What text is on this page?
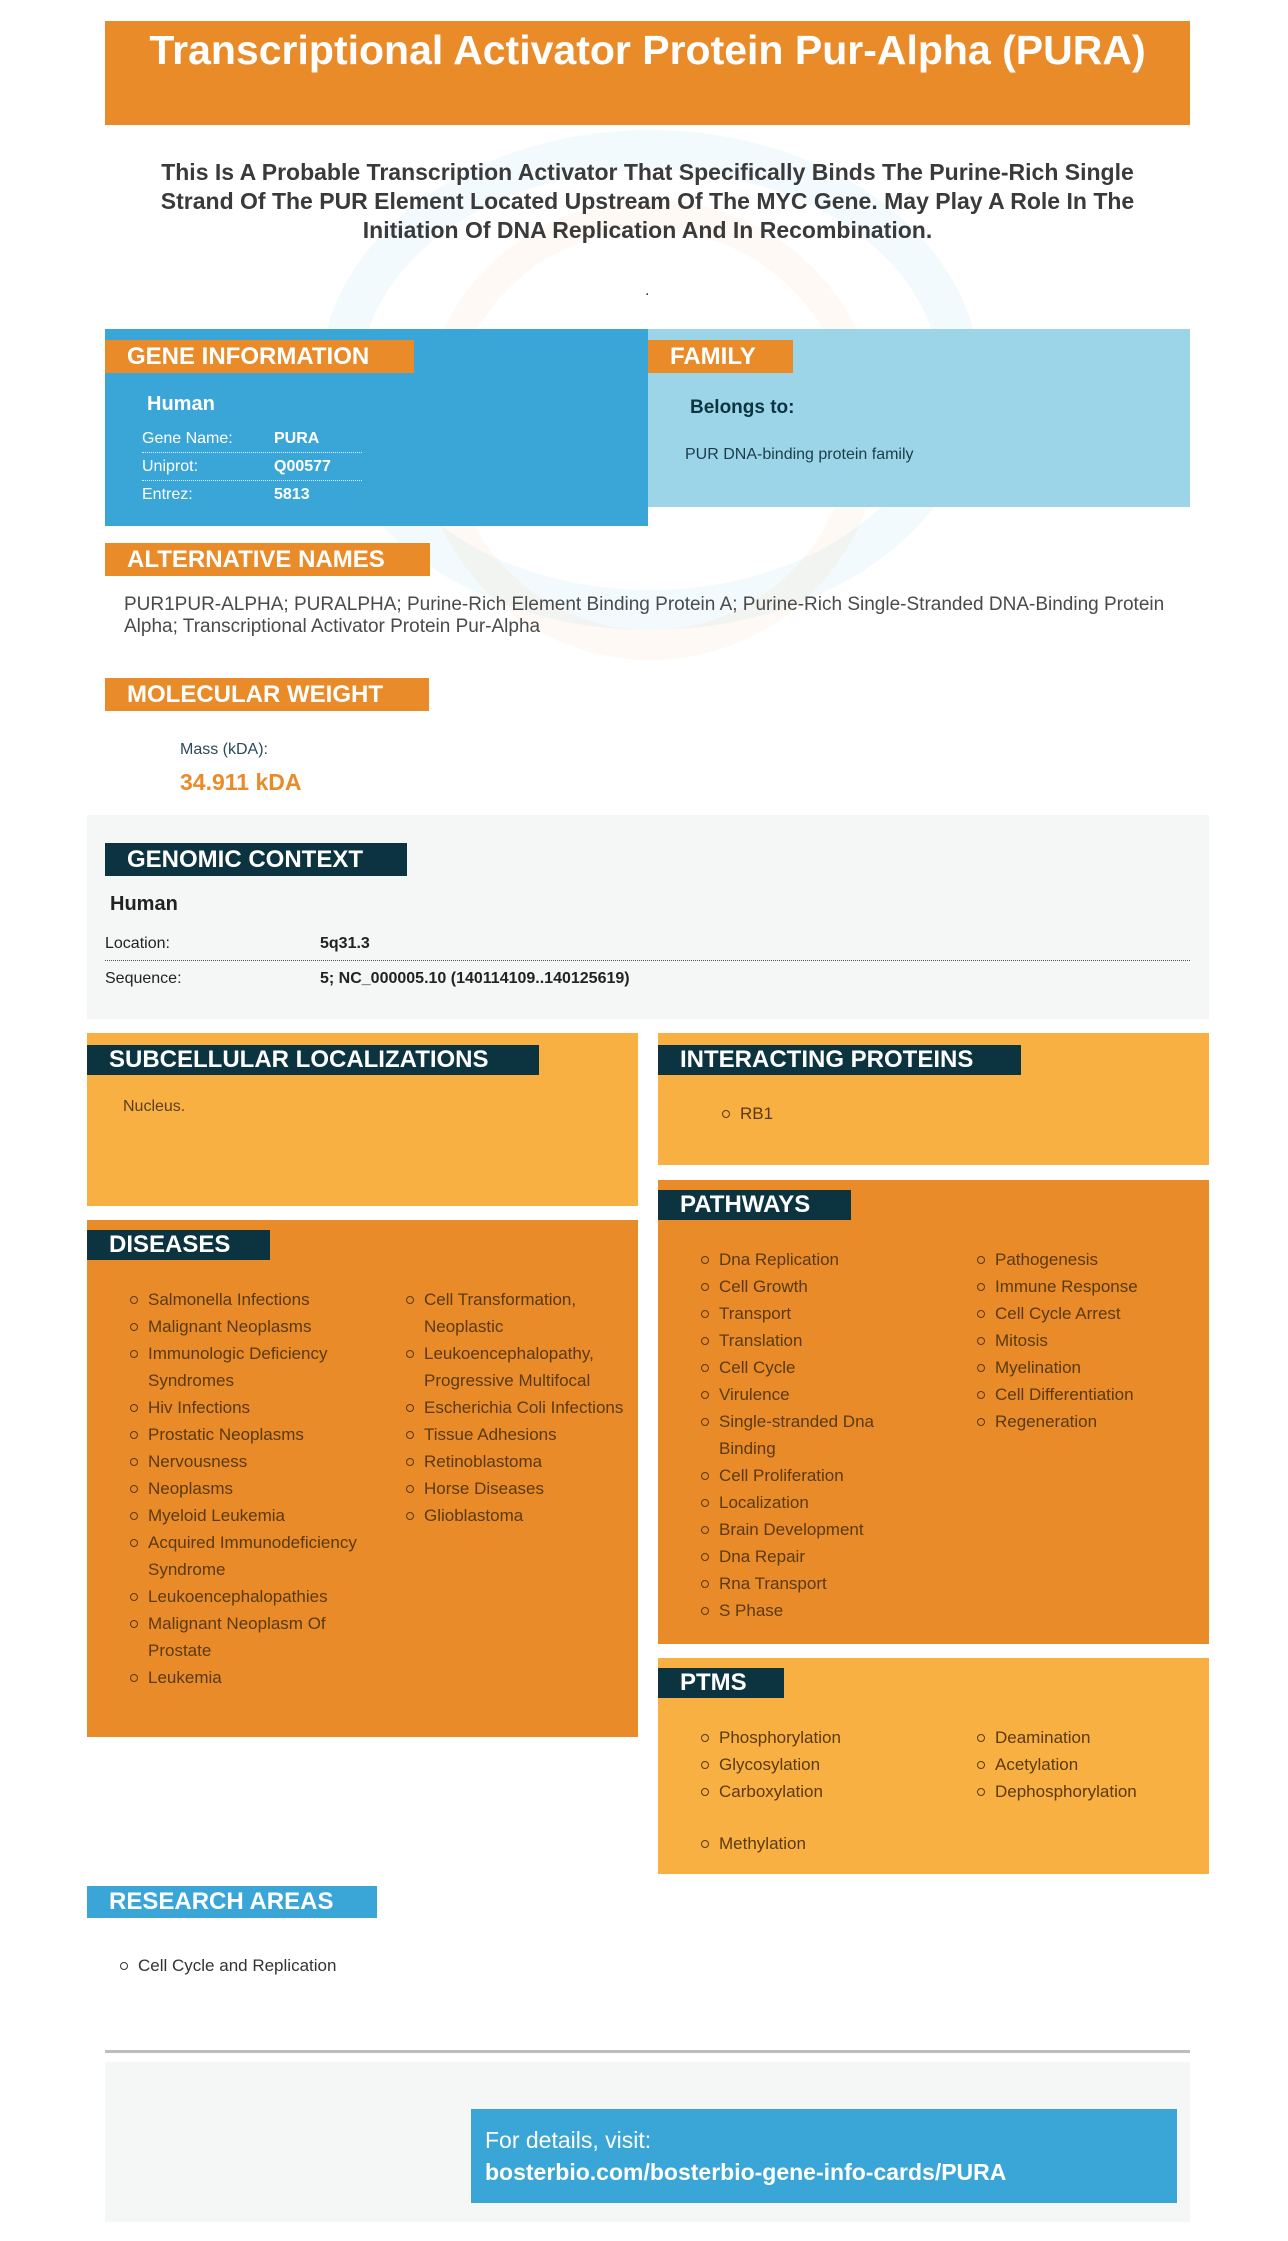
Transcriptional Activator Protein Pur-Alpha (PURA)
This Is A Probable Transcription Activator That Specifically Binds The Purine-Rich Single Strand Of The PUR Element Located Upstream Of The MYC Gene. May Play A Role In The Initiation Of DNA Replication And In Recombination.
.
GENE INFORMATION
Human
Gene Name:	PURA
Uniprot:	Q00577
Entrez:	5813
FAMILY
Belongs to:
PUR DNA-binding protein family
ALTERNATIVE NAMES
PUR1PUR-ALPHA; PURALPHA; Purine-Rich Element Binding Protein A; Purine-Rich Single-Stranded DNA-Binding Protein Alpha; Transcriptional Activator Protein Pur-Alpha
MOLECULAR WEIGHT
Mass (kDA):
34.911 kDA
GENOMIC CONTEXT
Human
Location:	5q31.3
Sequence:	5; NC_000005.10 (140114109..140125619)
SUBCELLULAR LOCALIZATIONS
Nucleus.
INTERACTING PROTEINS
RB1
DISEASES
Salmonella Infections
Malignant Neoplasms
Immunologic Deficiency Syndromes
Hiv Infections
Prostatic Neoplasms
Nervousness
Neoplasms
Myeloid Leukemia
Acquired Immunodeficiency Syndrome
Leukoencephalopathies
Malignant Neoplasm Of Prostate
Leukemia
Cell Transformation, Neoplastic
Leukoencephalopathy, Progressive Multifocal
Escherichia Coli Infections
Tissue Adhesions
Retinoblastoma
Horse Diseases
Glioblastoma
PATHWAYS
Dna Replication
Cell Growth
Transport
Translation
Cell Cycle
Virulence
Single-stranded Dna Binding
Cell Proliferation
Localization
Brain Development
Dna Repair
Rna Transport
S Phase
Pathogenesis
Immune Response
Cell Cycle Arrest
Mitosis
Myelination
Cell Differentiation
Regeneration
PTMS
Phosphorylation
Glycosylation
Carboxylation
Deamination
Acetylation
Dephosphorylation
Methylation
RESEARCH AREAS
Cell Cycle and Replication
For details, visit:
bosterbio.com/bosterbio-gene-info-cards/PURA
